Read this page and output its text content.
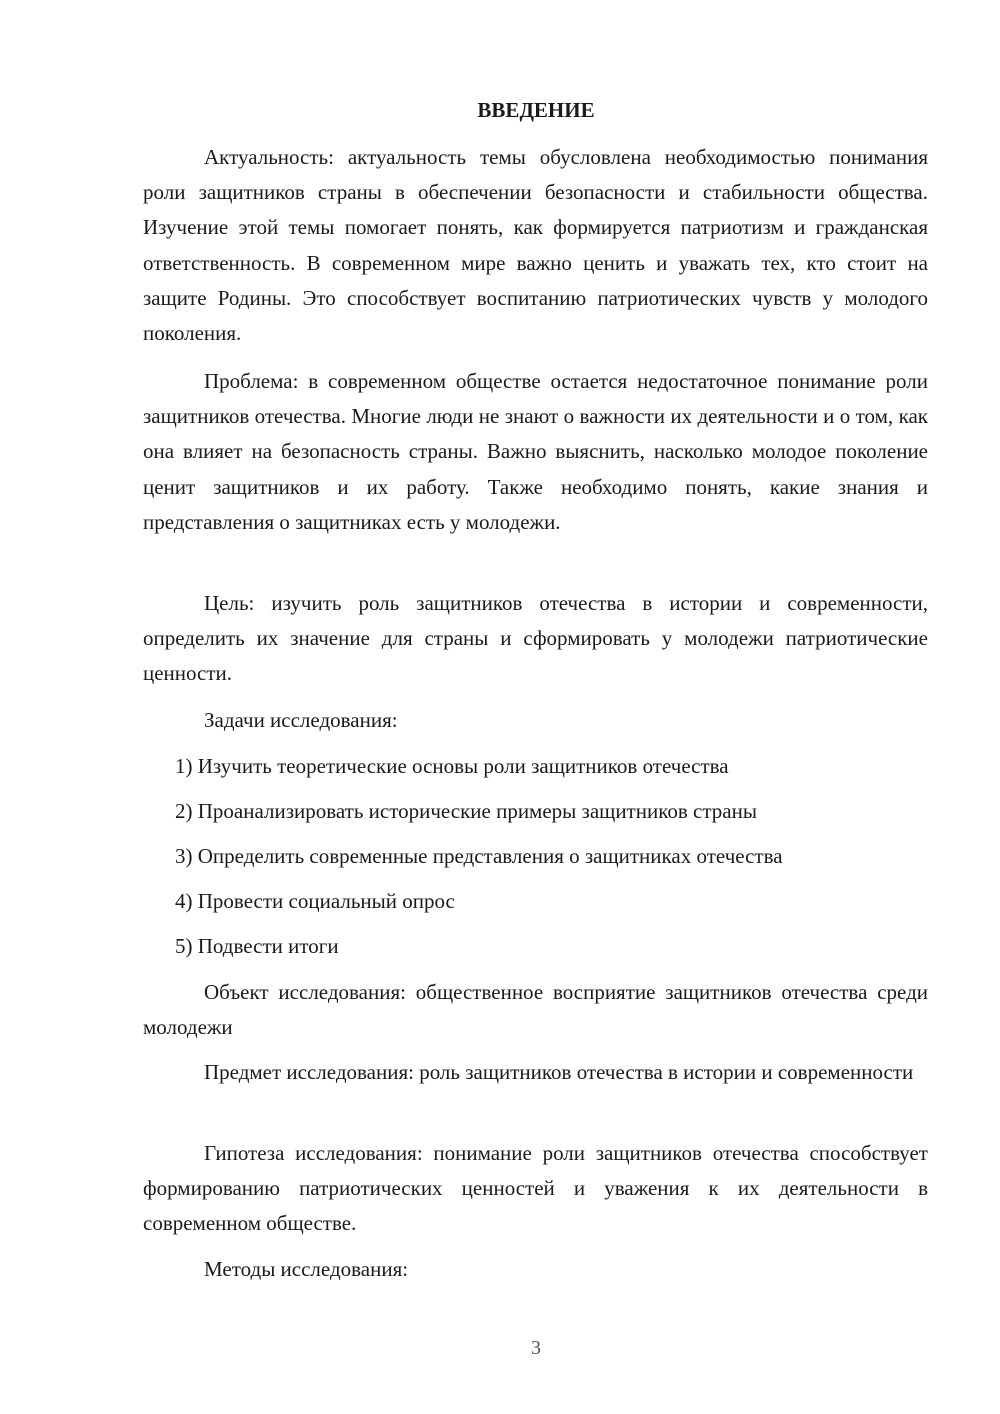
ВВЕДЕНИЕ

Актуальность: актуальность темы обусловлена необходимостью понимания роли защитников страны в обеспечении безопасности и стабильности общества. Изучение этой темы помогает понять, как формируется патриотизм и гражданская ответственность. В современном мире важно ценить и уважать тех, кто стоит на защите Родины. Это способствует воспитанию патриотических чувств у молодого поколения.

Проблема: в современном обществе остается недостаточное понимание роли защитников отечества. Многие люди не знают о важности их деятельности и о том, как она влияет на безопасность страны. Важно выяснить, насколько молодое поколение ценит защитников и их работу. Также необходимо понять, какие знания и представления о защитниках есть у молодежи.

Цель: изучить роль защитников отечества в истории и современности, определить их значение для страны и сформировать у молодежи патриотические ценности.

Задачи исследования:

1) Изучить теоретические основы роли защитников отечества
2) Проанализировать исторические примеры защитников страны
3) Определить современные представления о защитниках отечества
4) Провести социальный опрос
5) Подвести итоги

Объект исследования: общественное восприятие защитников отечества среди молодежи

Предмет исследования: роль защитников отечества в истории и современности

Гипотеза исследования: понимание роли защитников отечества способствует формированию патриотических ценностей и уважения к их деятельности в современном обществе.

Методы исследования:

3
